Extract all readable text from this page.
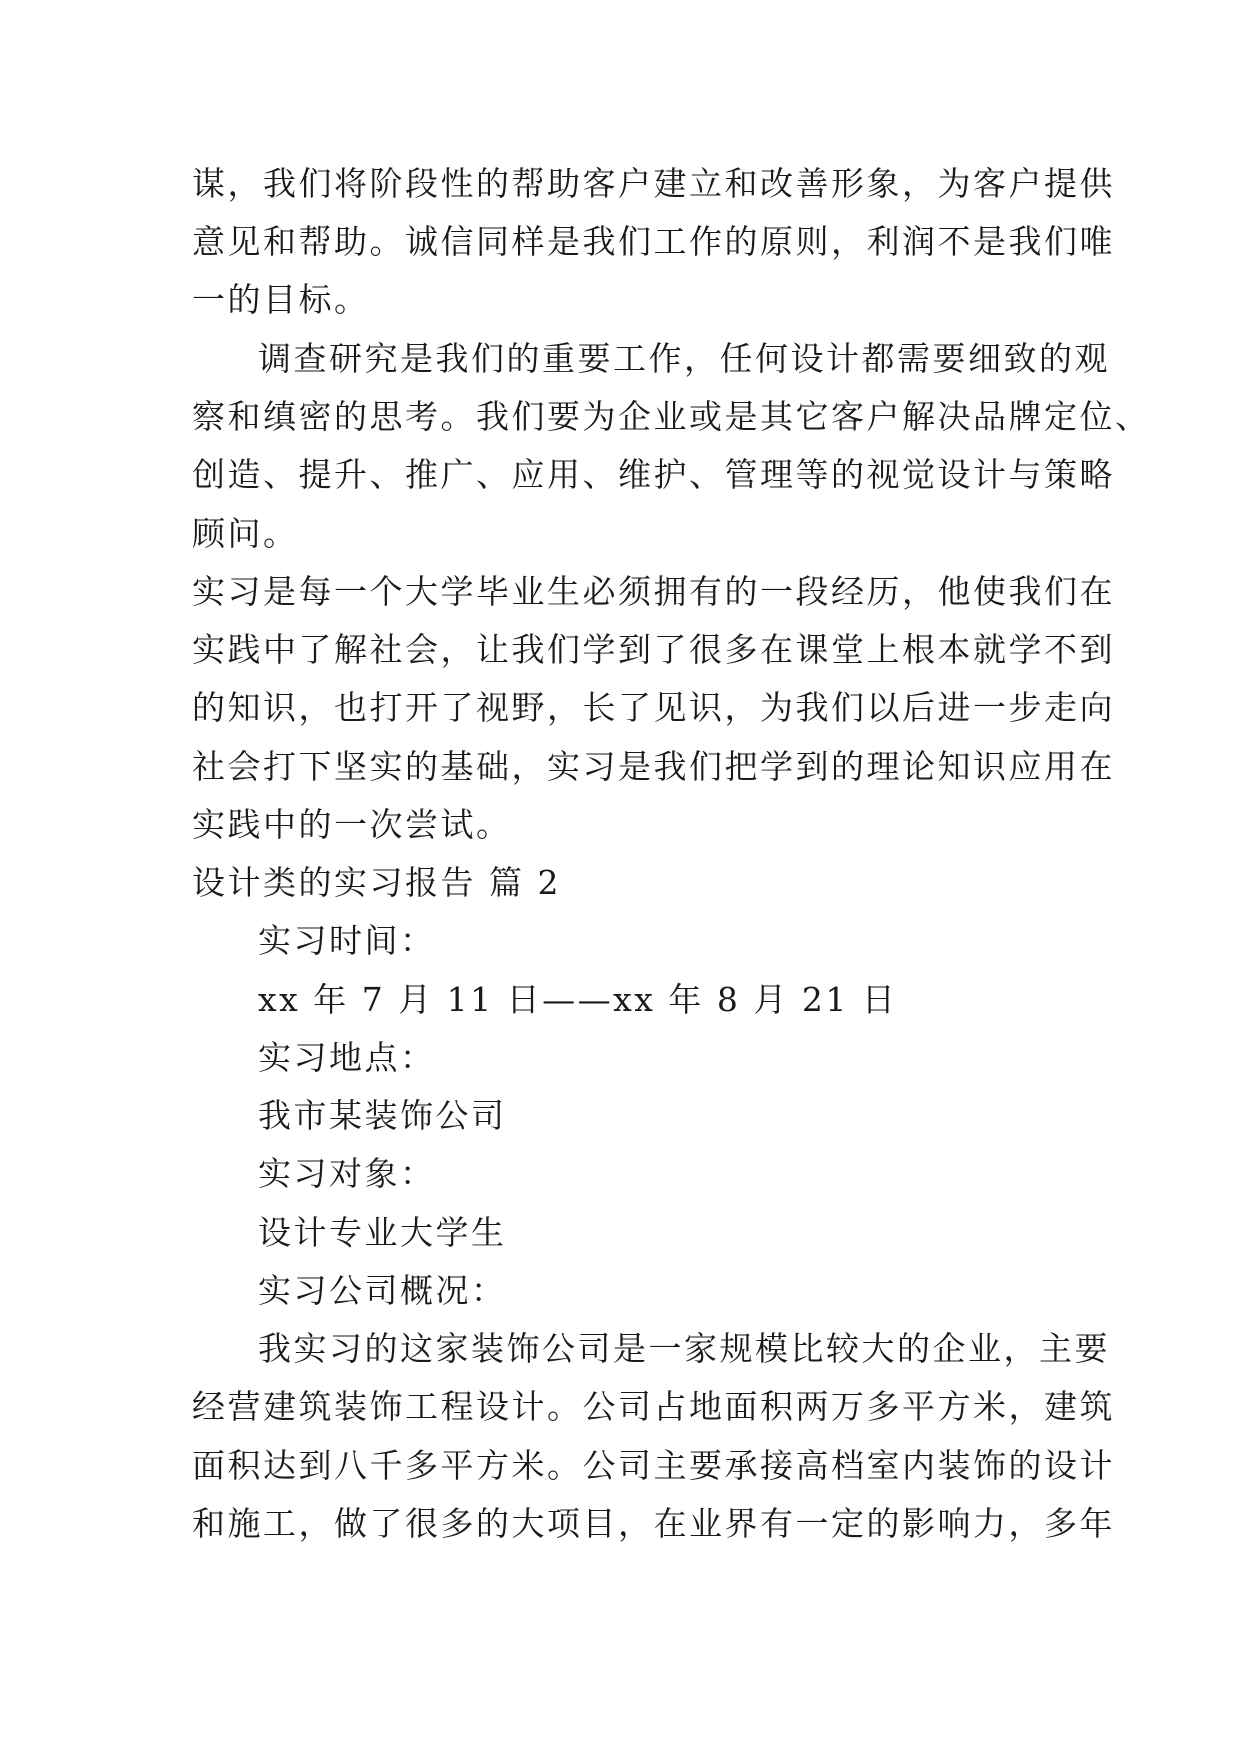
谋，我们将阶段性的帮助客户建立和改善形象，为客户提供
意见和帮助。诚信同样是我们工作的原则，利润不是我们唯
一的目标。
调查研究是我们的重要工作，任何设计都需要细致的观
察和缜密的思考。我们要为企业或是其它客户解决品牌定位、
创造、提升、推广、应用、维护、管理等的视觉设计与策略
顾问。
实习是每一个大学毕业生必须拥有的一段经历，他使我们在
实践中了解社会，让我们学到了很多在课堂上根本就学不到
的知识，也打开了视野，长了见识，为我们以后进一步走向
社会打下坚实的基础，实习是我们把学到的理论知识应用在
实践中的一次尝试。
设计类的实习报告 篇 2
实习时间：
xx 年 7 月 11 日——xx 年 8 月 21 日
实习地点：
我市某装饰公司
实习对象：
设计专业大学生
实习公司概况：
我实习的这家装饰公司是一家规模比较大的企业，主要
经营建筑装饰工程设计。公司占地面积两万多平方米，建筑
面积达到八千多平方米。公司主要承接高档室内装饰的设计
和施工，做了很多的大项目，在业界有一定的影响力，多年
